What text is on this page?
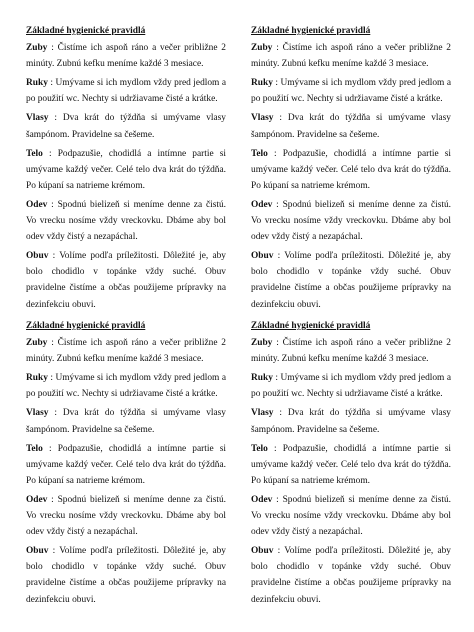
Základné hygienické pravidlá
Zuby : Čistíme ich aspoň ráno a večer približne 2 minúty. Zubnú kefku meníme každé 3 mesiace.
Ruky : Umývame si ich mydlom vždy pred jedlom a po použití wc. Nechty si udržiavame čisté a krátke.
Vlasy : Dva krát do týždňa si umývame vlasy šampónom. Pravidelne sa češeme.
Telo : Podpazušie, chodidlá a intímne partie si umývame každý večer. Celé telo dva krát do týždňa. Po kúpaní sa natrieme krémom.
Odev : Spodnú bielizeň si meníme denne za čistú. Vo vrecku nosíme vždy vreckovku. Dbáme aby bol odev vždy čistý a nezapáchal.
Obuv : Volíme podľa príležitosti. Dôležité je, aby bolo chodidlo v topánke vždy suché. Obuv pravidelne čistíme a občas použijeme prípravky na dezinfekciu obuvi.
Základné hygienické pravidlá
Zuby : Čistíme ich aspoň ráno a večer približne 2 minúty. Zubnú kefku meníme každé 3 mesiace.
Ruky : Umývame si ich mydlom vždy pred jedlom a po použití wc. Nechty si udržiavame čisté a krátke.
Vlasy : Dva krát do týždňa si umývame vlasy šampónom. Pravidelne sa češeme.
Telo : Podpazušie, chodidlá a intímne partie si umývame každý večer. Celé telo dva krát do týždňa. Po kúpaní sa natrieme krémom.
Odev : Spodnú bielizeň si meníme denne za čistú. Vo vrecku nosíme vždy vreckovku. Dbáme aby bol odev vždy čistý a nezapáchal.
Obuv : Volíme podľa príležitosti. Dôležité je, aby bolo chodidlo v topánke vždy suché. Obuv pravidelne čistíme a občas použijeme prípravky na dezinfekciu obuvi.
Základné hygienické pravidlá
Zuby : Čistíme ich aspoň ráno a večer približne 2 minúty. Zubnú kefku meníme každé 3 mesiace.
Ruky : Umývame si ich mydlom vždy pred jedlom a po použití wc. Nechty si udržiavame čisté a krátke.
Vlasy : Dva krát do týždňa si umývame vlasy šampónom. Pravidelne sa češeme.
Telo : Podpazušie, chodidlá a intímne partie si umývame každý večer. Celé telo dva krát do týždňa. Po kúpaní sa natrieme krémom.
Odev : Spodnú bielizeň si meníme denne za čistú. Vo vrecku nosíme vždy vreckovku. Dbáme aby bol odev vždy čistý a nezapáchal.
Obuv : Volíme podľa príležitosti. Dôležité je, aby bolo chodidlo v topánke vždy suché. Obuv pravidelne čistíme a občas použijeme prípravky na dezinfekciu obuvi.
Základné hygienické pravidlá
Zuby : Čistíme ich aspoň ráno a večer približne 2 minúty. Zubnú kefku meníme každé 3 mesiace.
Ruky : Umývame si ich mydlom vždy pred jedlom a po použití wc. Nechty si udržiavame čisté a krátke.
Vlasy : Dva krát do týždňa si umývame vlasy šampónom. Pravidelne sa češeme.
Telo : Podpazušie, chodidlá a intímne partie si umývame každý večer. Celé telo dva krát do týždňa. Po kúpaní sa natrieme krémom.
Odev : Spodnú bielizeň si meníme denne za čistú. Vo vrecku nosíme vždy vreckovku. Dbáme aby bol odev vždy čistý a nezapáchal.
Obuv : Volíme podľa príležitosti. Dôležité je, aby bolo chodidlo v topánke vždy suché. Obuv pravidelne čistíme a občas použijeme prípravky na dezinfekciu obuvi.
